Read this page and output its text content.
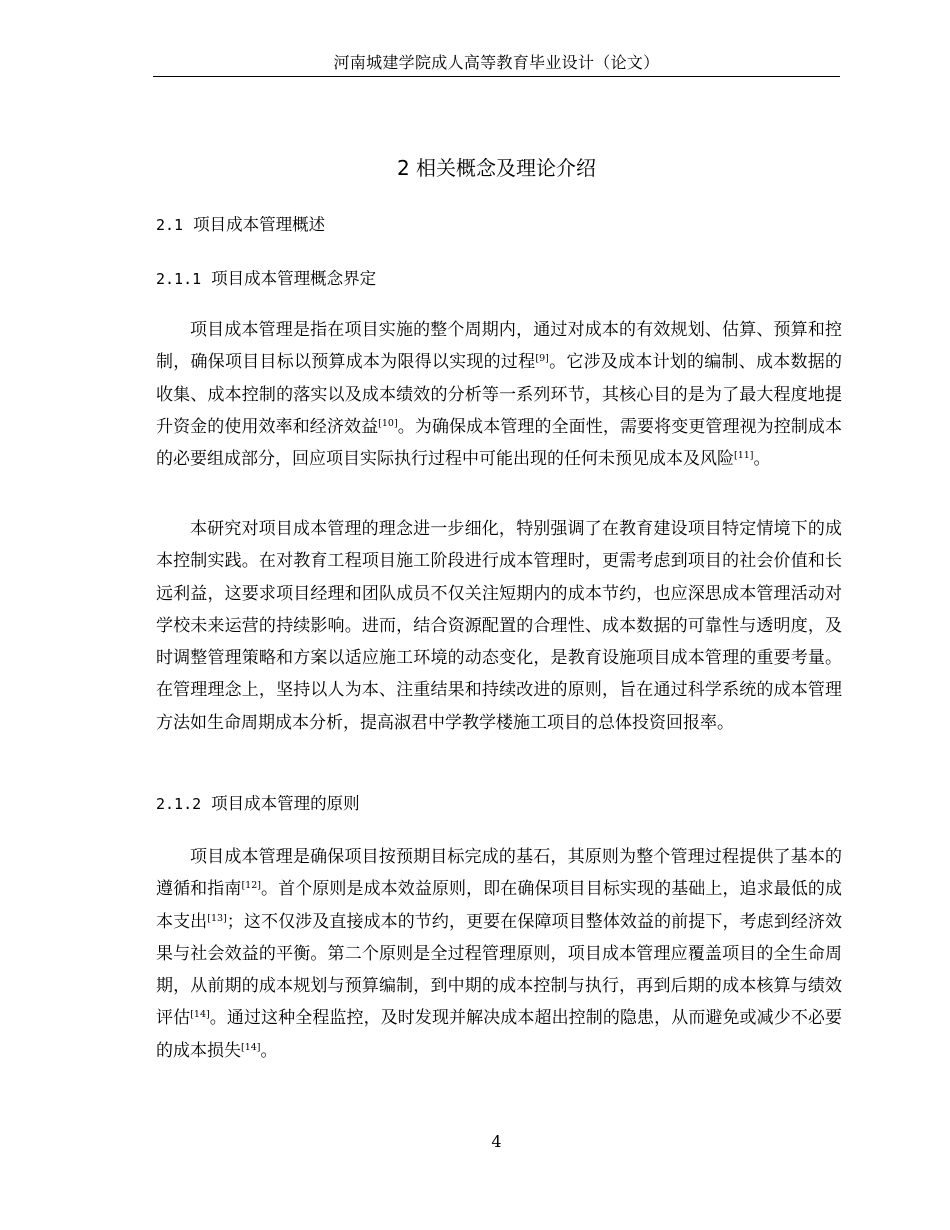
河南城建学院成人高等教育毕业设计（论文）
2 相关概念及理论介绍
2.1 项目成本管理概述
2.1.1 项目成本管理概念界定
项目成本管理是指在项目实施的整个周期内，通过对成本的有效规划、估算、预算和控制，确保项目目标以预算成本为限得以实现的过程[9]。它涉及成本计划的编制、成本数据的收集、成本控制的落实以及成本绩效的分析等一系列环节，其核心目的是为了最大程度地提升资金的使用效率和经济效益[10]。为确保成本管理的全面性，需要将变更管理视为控制成本的必要组成部分，回应项目实际执行过程中可能出现的任何未预见成本及风险[11]。
本研究对项目成本管理的理念进一步细化，特别强调了在教育建设项目特定情境下的成本控制实践。在对教育工程项目施工阶段进行成本管理时，更需考虑到项目的社会价值和长远利益，这要求项目经理和团队成员不仅关注短期内的成本节约，也应深思成本管理活动对学校未来运营的持续影响。进而，结合资源配置的合理性、成本数据的可靠性与透明度，及时调整管理策略和方案以适应施工环境的动态变化，是教育设施项目成本管理的重要考量。在管理理念上，坚持以人为本、注重结果和持续改进的原则，旨在通过科学系统的成本管理方法如生命周期成本分析，提高淑君中学教学楼施工项目的总体投资回报率。
2.1.2 项目成本管理的原则
项目成本管理是确保项目按预期目标完成的基石，其原则为整个管理过程提供了基本的遵循和指南[12]。首个原则是成本效益原则，即在确保项目目标实现的基础上，追求最低的成本支出[13]；这不仅涉及直接成本的节约，更要在保障项目整体效益的前提下，考虑到经济效果与社会效益的平衡。第二个原则是全过程管理原则，项目成本管理应覆盖项目的全生命周期，从前期的成本规划与预算编制，到中期的成本控制与执行，再到后期的成本核算与绩效评估[14]。通过这种全程监控，及时发现并解决成本超出控制的隐患，从而避免或减少不必要的成本损失[14]。
4
